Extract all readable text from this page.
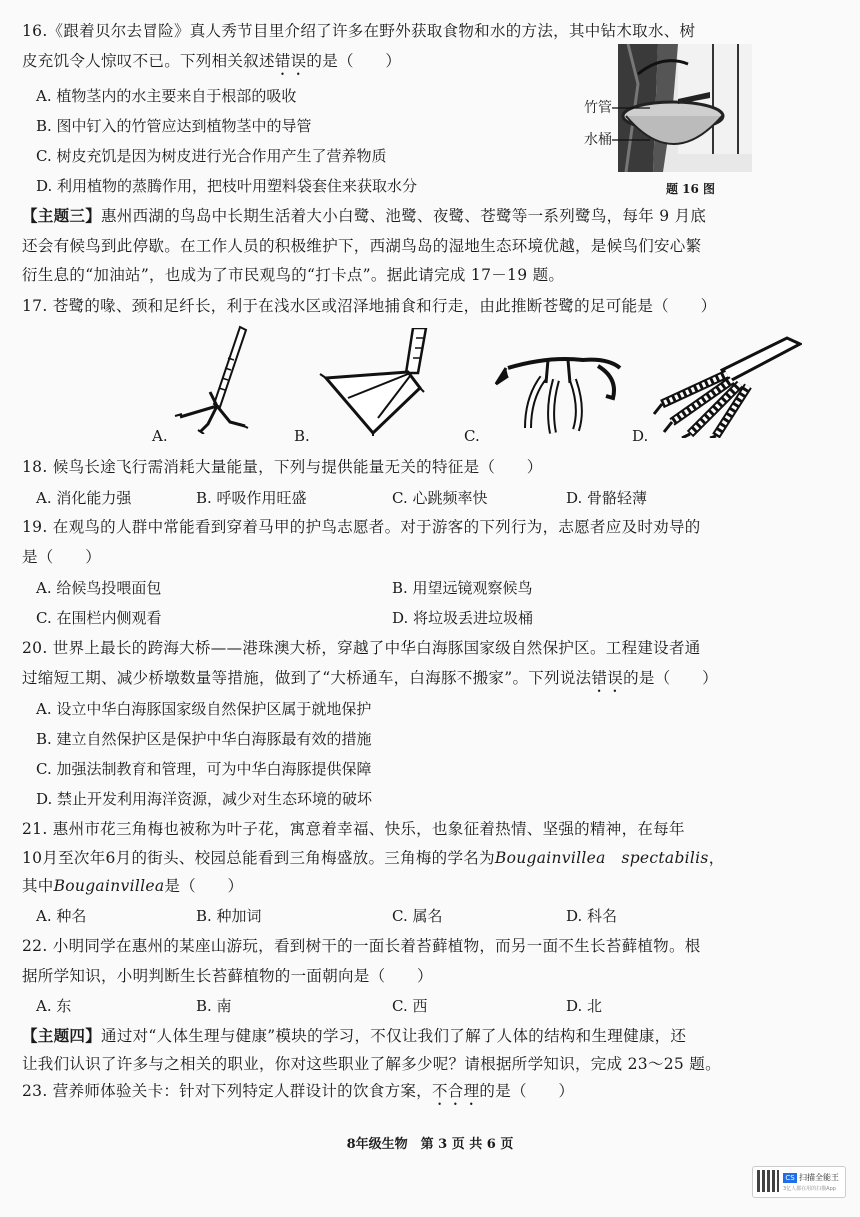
16.《跟着贝尔去冒险》真人秀节目里介绍了许多在野外获取食物和水的方法，其中钻木取水、树
皮充饥令人惊叹不已。下列相关叙述错误的是（　　）
A. 植物茎内的水主要来自于根部的吸收
B. 图中钉入的竹管应达到植物茎中的导管
C. 树皮充饥是因为树皮进行光合作用产生了营养物质
D. 利用植物的蒸腾作用，把枝叶用塑料袋套住来获取水分
竹管
水桶
题 16 图
【主题三】惠州西湖的鸟岛中长期生活着大小白鹭、池鹭、夜鹭、苍鹭等一系列鹭鸟，每年 9 月底
还会有候鸟到此停歇。在工作人员的积极维护下，西湖鸟岛的湿地生态环境优越，是候鸟们安心繁
衍生息的“加油站”，也成为了市民观鸟的“打卡点”。据此请完成 17－19 题。
17. 苍鹭的喙、颈和足纤长，利于在浅水区或沼泽地捕食和行走，由此推断苍鹭的足可能是（　　）
A.	B.	C.	D.
18. 候鸟长途飞行需消耗大量能量，下列与提供能量无关的特征是（　　）
A. 消化能力强	B. 呼吸作用旺盛	C. 心跳频率快	D. 骨骼轻薄
19. 在观鸟的人群中常能看到穿着马甲的护鸟志愿者。对于游客的下列行为，志愿者应及时劝导的
是（　　）
A. 给候鸟投喂面包	B. 用望远镜观察候鸟
C. 在围栏内侧观看	D. 将垃圾丢进垃圾桶
20. 世界上最长的跨海大桥——港珠澳大桥，穿越了中华白海豚国家级自然保护区。工程建设者通
过缩短工期、减少桥墩数量等措施，做到了“大桥通车，白海豚不搬家”。下列说法错误的是（　　）
A. 设立中华白海豚国家级自然保护区属于就地保护
B. 建立自然保护区是保护中华白海豚最有效的措施
C. 加强法制教育和管理，可为中华白海豚提供保障
D. 禁止开发利用海洋资源，减少对生态环境的破坏
21. 惠州市花三角梅也被称为叶子花，寓意着幸福、快乐，也象征着热情、坚强的精神，在每年
10月至次年6月的街头、校园总能看到三角梅盛放。三角梅的学名为Bougainvillea　spectabilis，
其中Bougainvillea是（　　）
A. 种名	B. 种加词	C. 属名	D. 科名
22. 小明同学在惠州的某座山游玩，看到树干的一面长着苔藓植物，而另一面不生长苔藓植物。根
据所学知识，小明判断生长苔藓植物的一面朝向是（　　）
A. 东	B. 南	C. 西	D. 北
【主题四】通过对“人体生理与健康”模块的学习，不仅让我们了解了人体的结构和生理健康，还
让我们认识了许多与之相关的职业，你对这些职业了解多少呢？请根据所学知识，完成 23～25 题。
23. 营养师体验关卡：针对下列特定人群设计的饮食方案，不合理的是（　　）
8年级生物　第 3 页 共 6 页
CS 扫描全能王
3亿人都在用的扫描App
